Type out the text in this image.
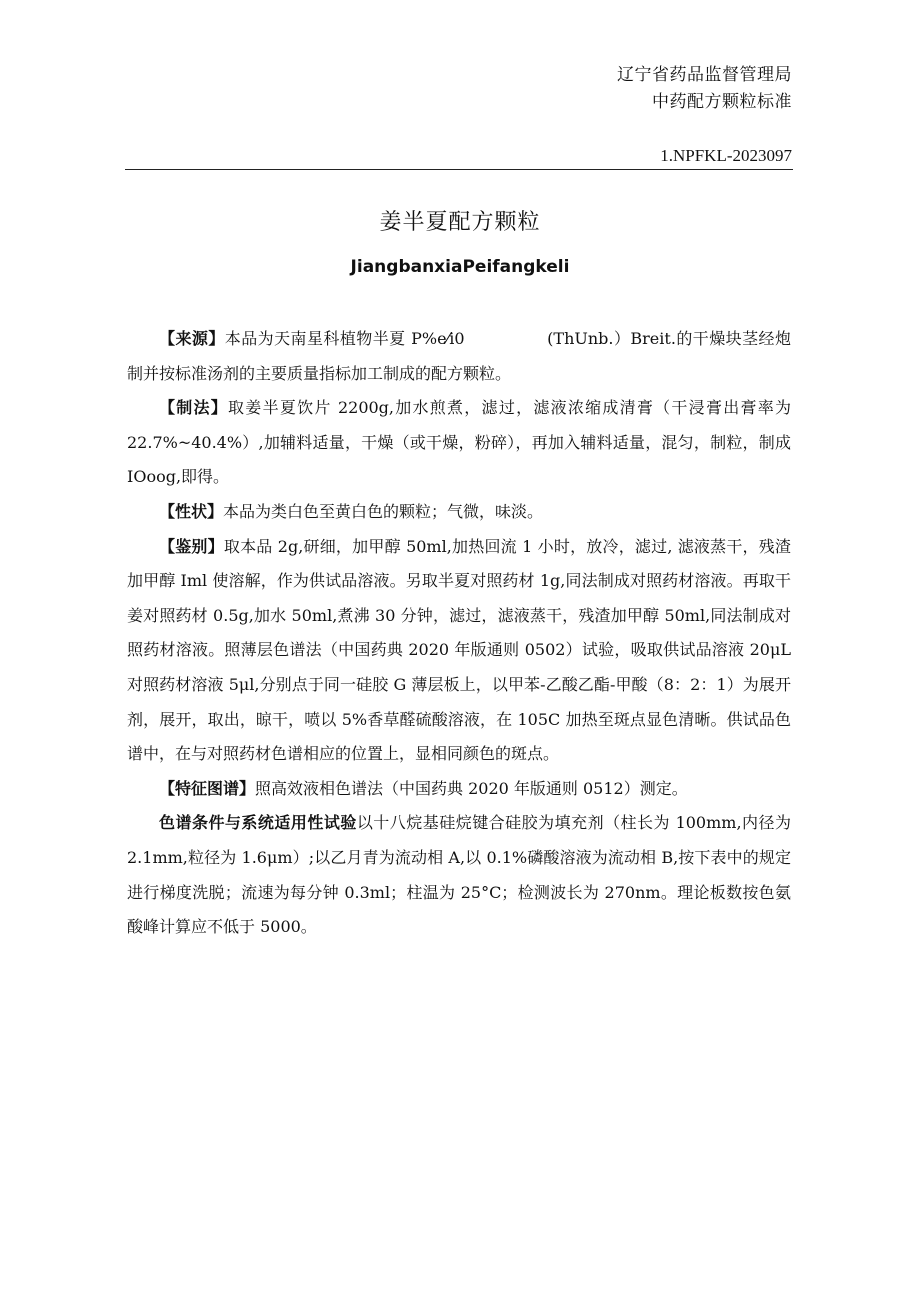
辽宁省药品监督管理局
中药配方颗粒标准
1.NPFKL-2023097
姜半夏配方颗粒
JiangbanxiaPeifangkeli

【来源】本品为天南星科植物半夏 P%e⁄i0　　　　　(ThUnb.）Breit.的干燥块茎经炮制并按标准汤剂的主要质量指标加工制成的配方颗粒。

【制法】取姜半夏饮片 2200g,加水煎煮，滤过，滤液浓缩成清膏（干浸膏出膏率为 22.7%~40.4%）,加辅料适量，干燥（或干燥，粉碎），再加入辅料适量，混匀，制粒，制成 IOoog,即得。

【性状】本品为类白色至黄白色的颗粒；气微，味淡。

【鉴别】取本品 2g,研细，加甲醇 50ml,加热回流 1 小时，放冷，滤过, 滤液蒸干，残渣加甲醇 Iml 使溶解，作为供试品溶液。另取半夏对照药材 1g,同法制成对照药材溶液。再取干姜对照药材 0.5g,加水 50ml,煮沸 30 分钟，滤过，滤液蒸干，残渣加甲醇 50ml,同法制成对照药材溶液。照薄层色谱法（中国药典 2020 年版通则 0502）试验，吸取供试品溶液 20μL 对照药材溶液 5μl,分别点于同一硅胶 G 薄层板上，以甲苯-乙酸乙酯-甲酸（8：2：1）为展开剂，展开，取出，晾干，喷以 5%香草醛硫酸溶液，在 105C 加热至斑点显色清晰。供试品色谱中，在与对照药材色谱相应的位置上，显相同颜色的斑点。

【特征图谱】照高效液相色谱法（中国药典 2020 年版通则 0512）测定。

色谱条件与系统适用性试验以十八烷基硅烷键合硅胶为填充剂（柱长为 100mm,内径为 2.1mm,粒径为 1.6μm）;以乙月青为流动相 A,以 0.1%磷酸溶液为流动相 B,按下表中的规定进行梯度洗脱；流速为每分钟 0.3ml；柱温为 25°C；检测波长为 270nm。理论板数按色氨酸峰计算应不低于 5000。
